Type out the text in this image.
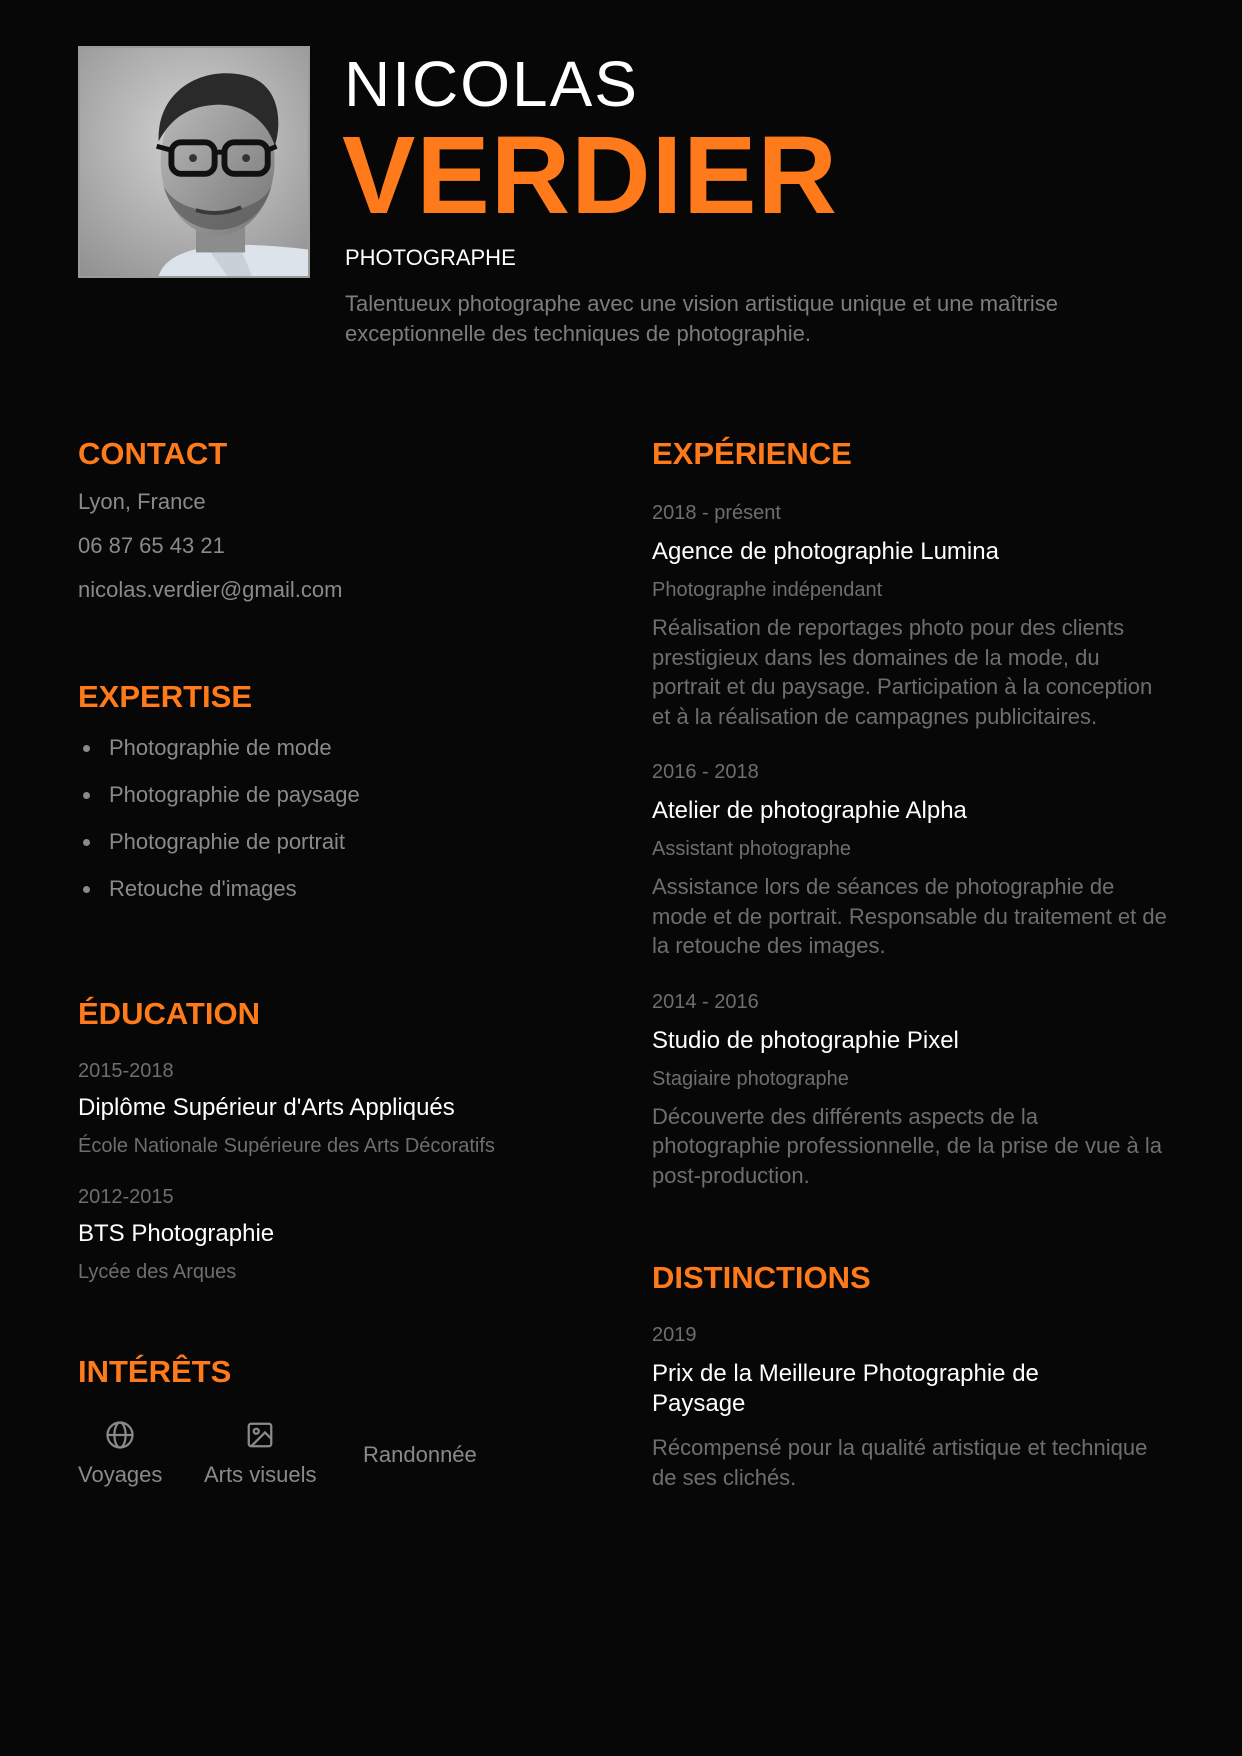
NICOLAS
VERDIER
PHOTOGRAPHE
Talentueux photographe avec une vision artistique unique et une maîtrise exceptionnelle des techniques de photographie.
CONTACT
Lyon, France
06 87 65 43 21
nicolas.verdier@gmail.com
EXPERTISE
Photographie de mode
Photographie de paysage
Photographie de portrait
Retouche d'images
ÉDUCATION
2015-2018
Diplôme Supérieur d'Arts Appliqués
École Nationale Supérieure des Arts Décoratifs
2012-2015
BTS Photographie
Lycée des Arques
INTÉRÊTS
Voyages Arts visuels
Randonnée
EXPÉRIENCE
2018 - présent
Agence de photographie Lumina
Photographe indépendant
Réalisation de reportages photo pour des clients prestigieux dans les domaines de la mode, du portrait et du paysage. Participation à la conception et à la réalisation de campagnes publicitaires.
2016 - 2018
Atelier de photographie Alpha
Assistant photographe
Assistance lors de séances de photographie de mode et de portrait. Responsable du traitement et de la retouche des images.
2014 - 2016
Studio de photographie Pixel
Stagiaire photographe
Découverte des différents aspects de la photographie professionnelle, de la prise de vue à la post-production.
DISTINCTIONS
2019
Prix de la Meilleure Photographie de Paysage
Récompensé pour la qualité artistique et technique de ses clichés.
